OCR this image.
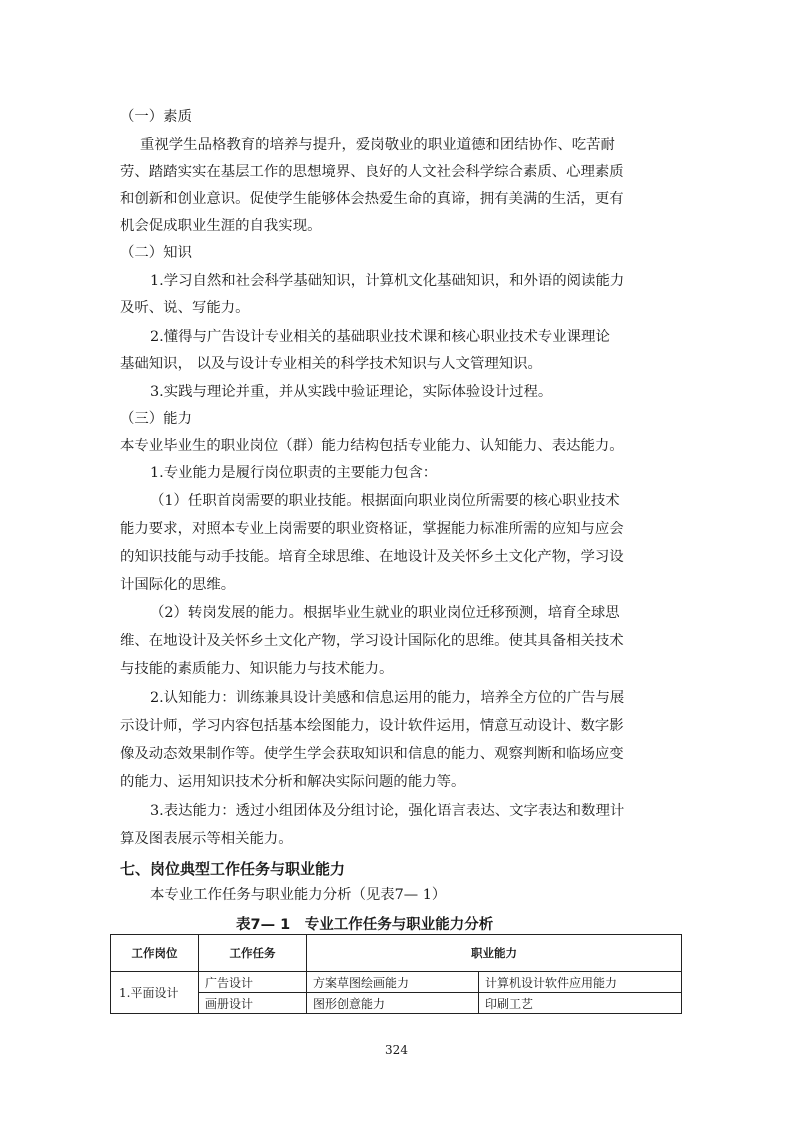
（一）素质
重视学生品格教育的培养与提升，爱岗敬业的职业道德和团结协作、吃苦耐
劳、踏踏实实在基层工作的思想境界、良好的人文社会科学综合素质、心理素质
和创新和创业意识。促使学生能够体会热爱生命的真谛，拥有美满的生活，更有
机会促成职业生涯的自我实现。
（二）知识
1.学习自然和社会科学基础知识，计算机文化基础知识，和外语的阅读能力
及听、说、写能力。
2.懂得与广告设计专业相关的基础职业技术课和核心职业技术专业课理论
基础知识， 以及与设计专业相关的科学技术知识与人文管理知识。
3.实践与理论并重，并从实践中验证理论，实际体验设计过程。
（三）能力
本专业毕业生的职业岗位（群）能力结构包括专业能力、认知能力、表达能力。
1.专业能力是履行岗位职责的主要能力包含：
（1）任职首岗需要的职业技能。根据面向职业岗位所需要的核心职业技术
能力要求，对照本专业上岗需要的职业资格证，掌握能力标准所需的应知与应会
的知识技能与动手技能。培育全球思维、在地设计及关怀乡土文化产物，学习设
计国际化的思维。
（2）转岗发展的能力。根据毕业生就业的职业岗位迁移预测，培育全球思
维、在地设计及关怀乡土文化产物，学习设计国际化的思维。使其具备相关技术
与技能的素质能力、知识能力与技术能力。
2.认知能力：训练兼具设计美感和信息运用的能力，培养全方位的广告与展
示设计师，学习内容包括基本绘图能力，设计软件运用，情意互动设计、数字影
像及动态效果制作等。使学生学会获取知识和信息的能力、观察判断和临场应变
的能力、运用知识技术分析和解决实际问题的能力等。
3.表达能力：透过小组团体及分组讨论，强化语言表达、文字表达和数理计
算及图表展示等相关能力。
七、岗位典型工作任务与职业能力
本专业工作任务与职业能力分析（见表7— 1）
表7— 1　专业工作任务与职业能力分析
工作岗位	工作任务	职业能力	
1.平面设计	广告设计	方案草图绘画能力	计算机设计软件应用能力
	画册设计	图形创意能力	印刷工艺
324
